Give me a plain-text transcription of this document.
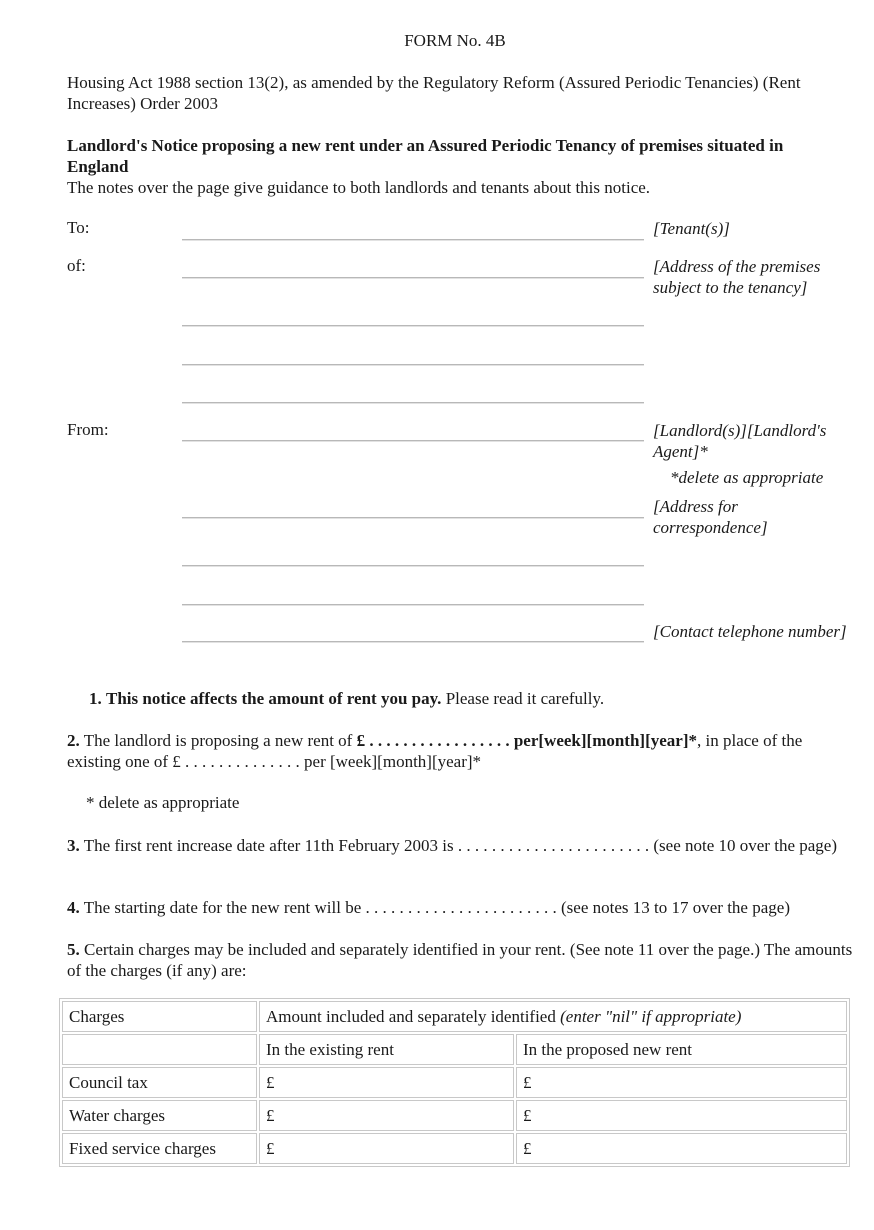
FORM No. 4B
Housing Act 1988 section 13(2), as amended by the Regulatory Reform (Assured Periodic Tenancies) (Rent Increases) Order 2003
Landlord's Notice proposing a new rent under an Assured Periodic Tenancy of premises situated in England
The notes over the page give guidance to both landlords and tenants about this notice.
To:	[Tenant(s)]
of:	[Address of the premises subject to the tenancy]
From:	[Landlord(s)][Landlord's Agent]*
*delete as appropriate
[Address for correspondence]
[Contact telephone number]
1. This notice affects the amount of rent you pay. Please read it carefully.
2. The landlord is proposing a new rent of £ . . . . . . . . . . . . . . . . . per[week][month][year]*, in place of the existing one of £ . . . . . . . . . . . . . . per [week][month][year]*
* delete as appropriate
3. The first rent increase date after 11th February 2003 is . . . . . . . . . . . . . . . . . . . . . . . (see note 10 over the page)
4. The starting date for the new rent will be . . . . . . . . . . . . . . . . . . . . . . . (see notes 13 to 17 over the page)
5. Certain charges may be included and separately identified in your rent. (See note 11 over the page.) The amounts of the charges (if any) are:
Charges	Amount included and separately identified (enter "nil" if appropriate)	
	In the existing rent	In the proposed new rent
Council tax	£	£
Water charges	£	£
Fixed service charges	£	£
